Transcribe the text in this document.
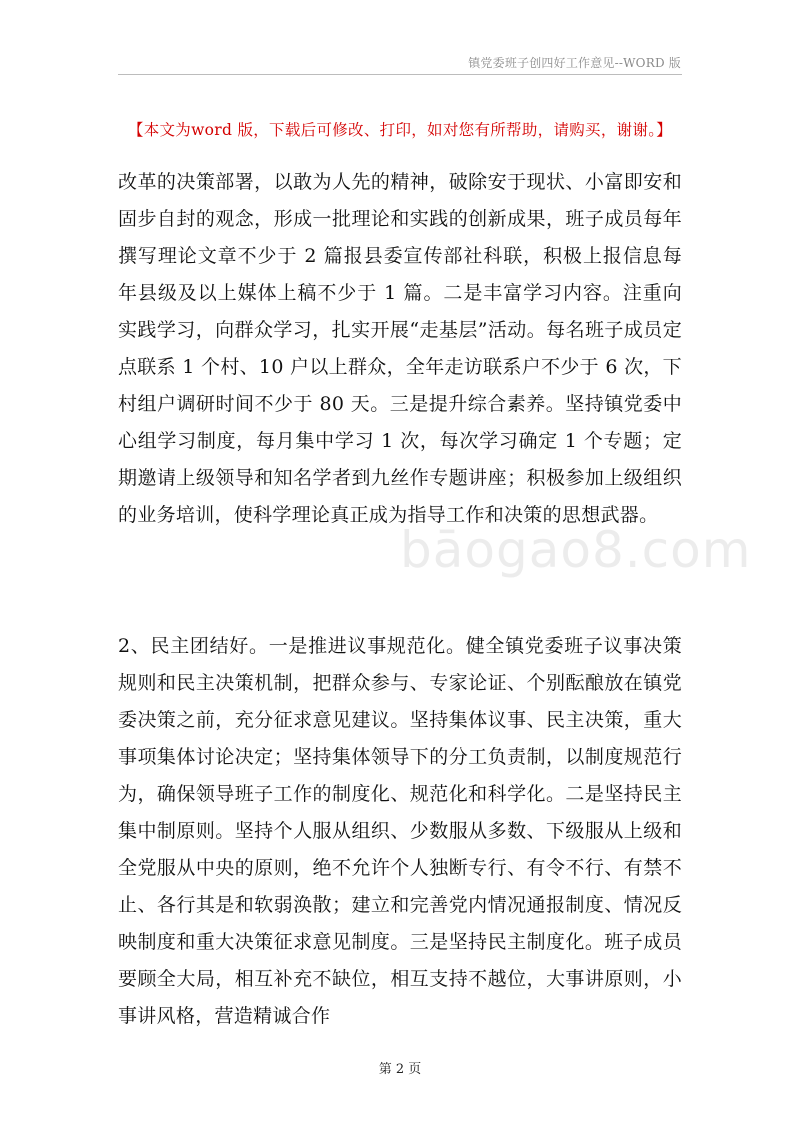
镇党委班子创四好工作意见--WORD 版
【本文为word 版，下载后可修改、打印，如对您有所帮助，请购买，谢谢。】

改革的决策部署，以敢为人先的精神，破除安于现状、小富即安和固步自封的观念，形成一批理论和实践的创新成果，班子成员每年撰写理论文章不少于 2 篇报县委宣传部社科联，积极上报信息每年县级及以上媒体上稿不少于 1 篇。二是丰富学习内容。注重向实践学习，向群众学习，扎实开展“走基层”活动。每名班子成员定点联系 1 个村、10 户以上群众，全年走访联系户不少于 6 次，下村组户调研时间不少于 80 天。三是提升综合素养。坚持镇党委中心组学习制度，每月集中学习 1 次，每次学习确定 1 个专题；定期邀请上级领导和知名学者到九丝作专题讲座；积极参加上级组织的业务培训，使科学理论真正成为指导工作和决策的思想武器。

bāogao8.com

2、民主团结好。一是推进议事规范化。健全镇党委班子议事决策规则和民主决策机制，把群众参与、专家论证、个别酝酿放在镇党委决策之前，充分征求意见建议。坚持集体议事、民主决策，重大事项集体讨论决定；坚持集体领导下的分工负责制，以制度规范行为，确保领导班子工作的制度化、规范化和科学化。二是坚持民主集中制原则。坚持个人服从组织、少数服从多数、下级服从上级和全党服从中央的原则，绝不允许个人独断专行、有令不行、有禁不止、各行其是和软弱涣散；建立和完善党内情况通报制度、情况反映制度和重大决策征求意见制度。三是坚持民主制度化。班子成员要顾全大局，相互补充不缺位，相互支持不越位，大事讲原则，小事讲风格，营造精诚合作

第 2 页
